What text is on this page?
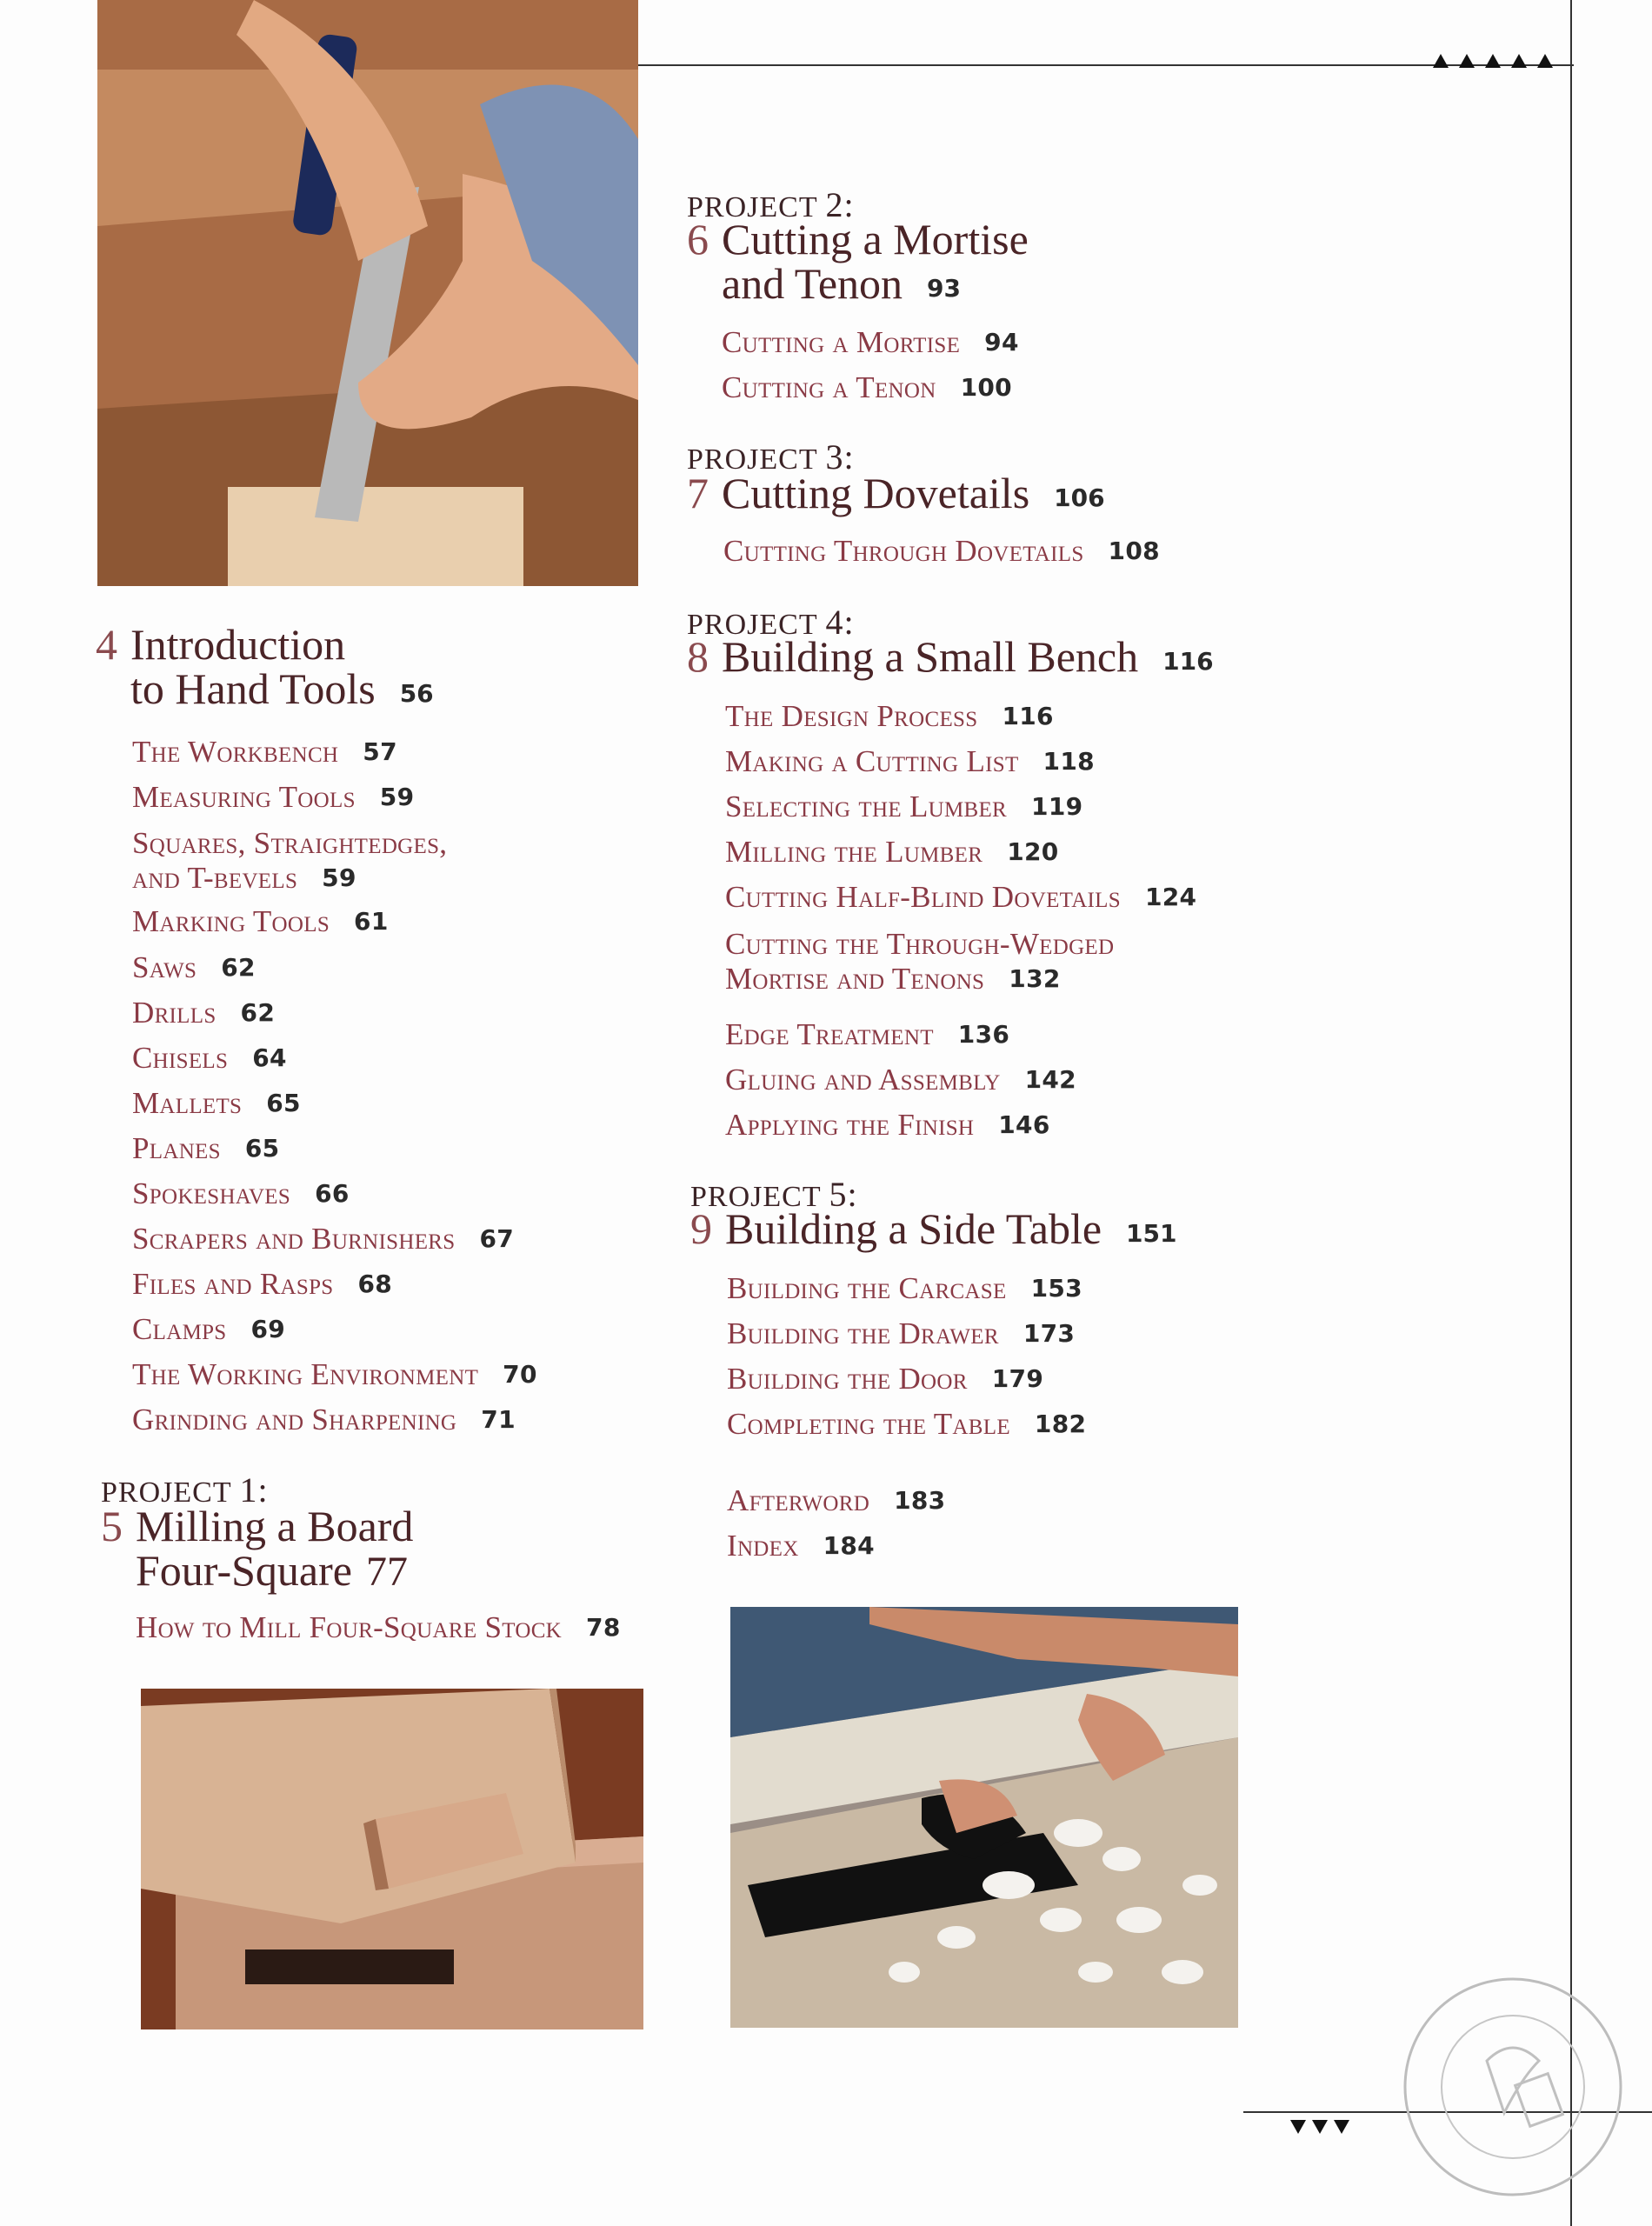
4 Introduction
to Hand Tools 56
The Workbench 57
Measuring Tools 59
Squares, Straightedges,
and T-bevels 59
Marking Tools 61
Saws 62
Drills 62
Chisels 64
Mallets 65
Planes 65
Spokeshaves 66
Scrapers and Burnishers 67
Files and Rasps 68
Clamps 69
The Working Environment 70
Grinding and Sharpening 71
PROJECT 1:
5 Milling a Board
Four-Square 77
How to Mill Four-Square Stock 78
PROJECT 2:
6 Cutting a Mortise
and Tenon 93
Cutting a Mortise 94
Cutting a Tenon 100
PROJECT 3:
7 Cutting Dovetails 106
Cutting Through Dovetails 108
PROJECT 4:
8 Building a Small Bench 116
The Design Process 116
Making a Cutting List 118
Selecting the Lumber 119
Milling the Lumber 120
Cutting Half-Blind Dovetails 124
Cutting the Through-Wedged
Mortise and Tenons 132
Edge Treatment 136
Gluing and Assembly 142
Applying the Finish 146
PROJECT 5:
9 Building a Side Table 151
Building the Carcase 153
Building the Drawer 173
Building the Door 179
Completing the Table 182
Afterword 183
Index 184
